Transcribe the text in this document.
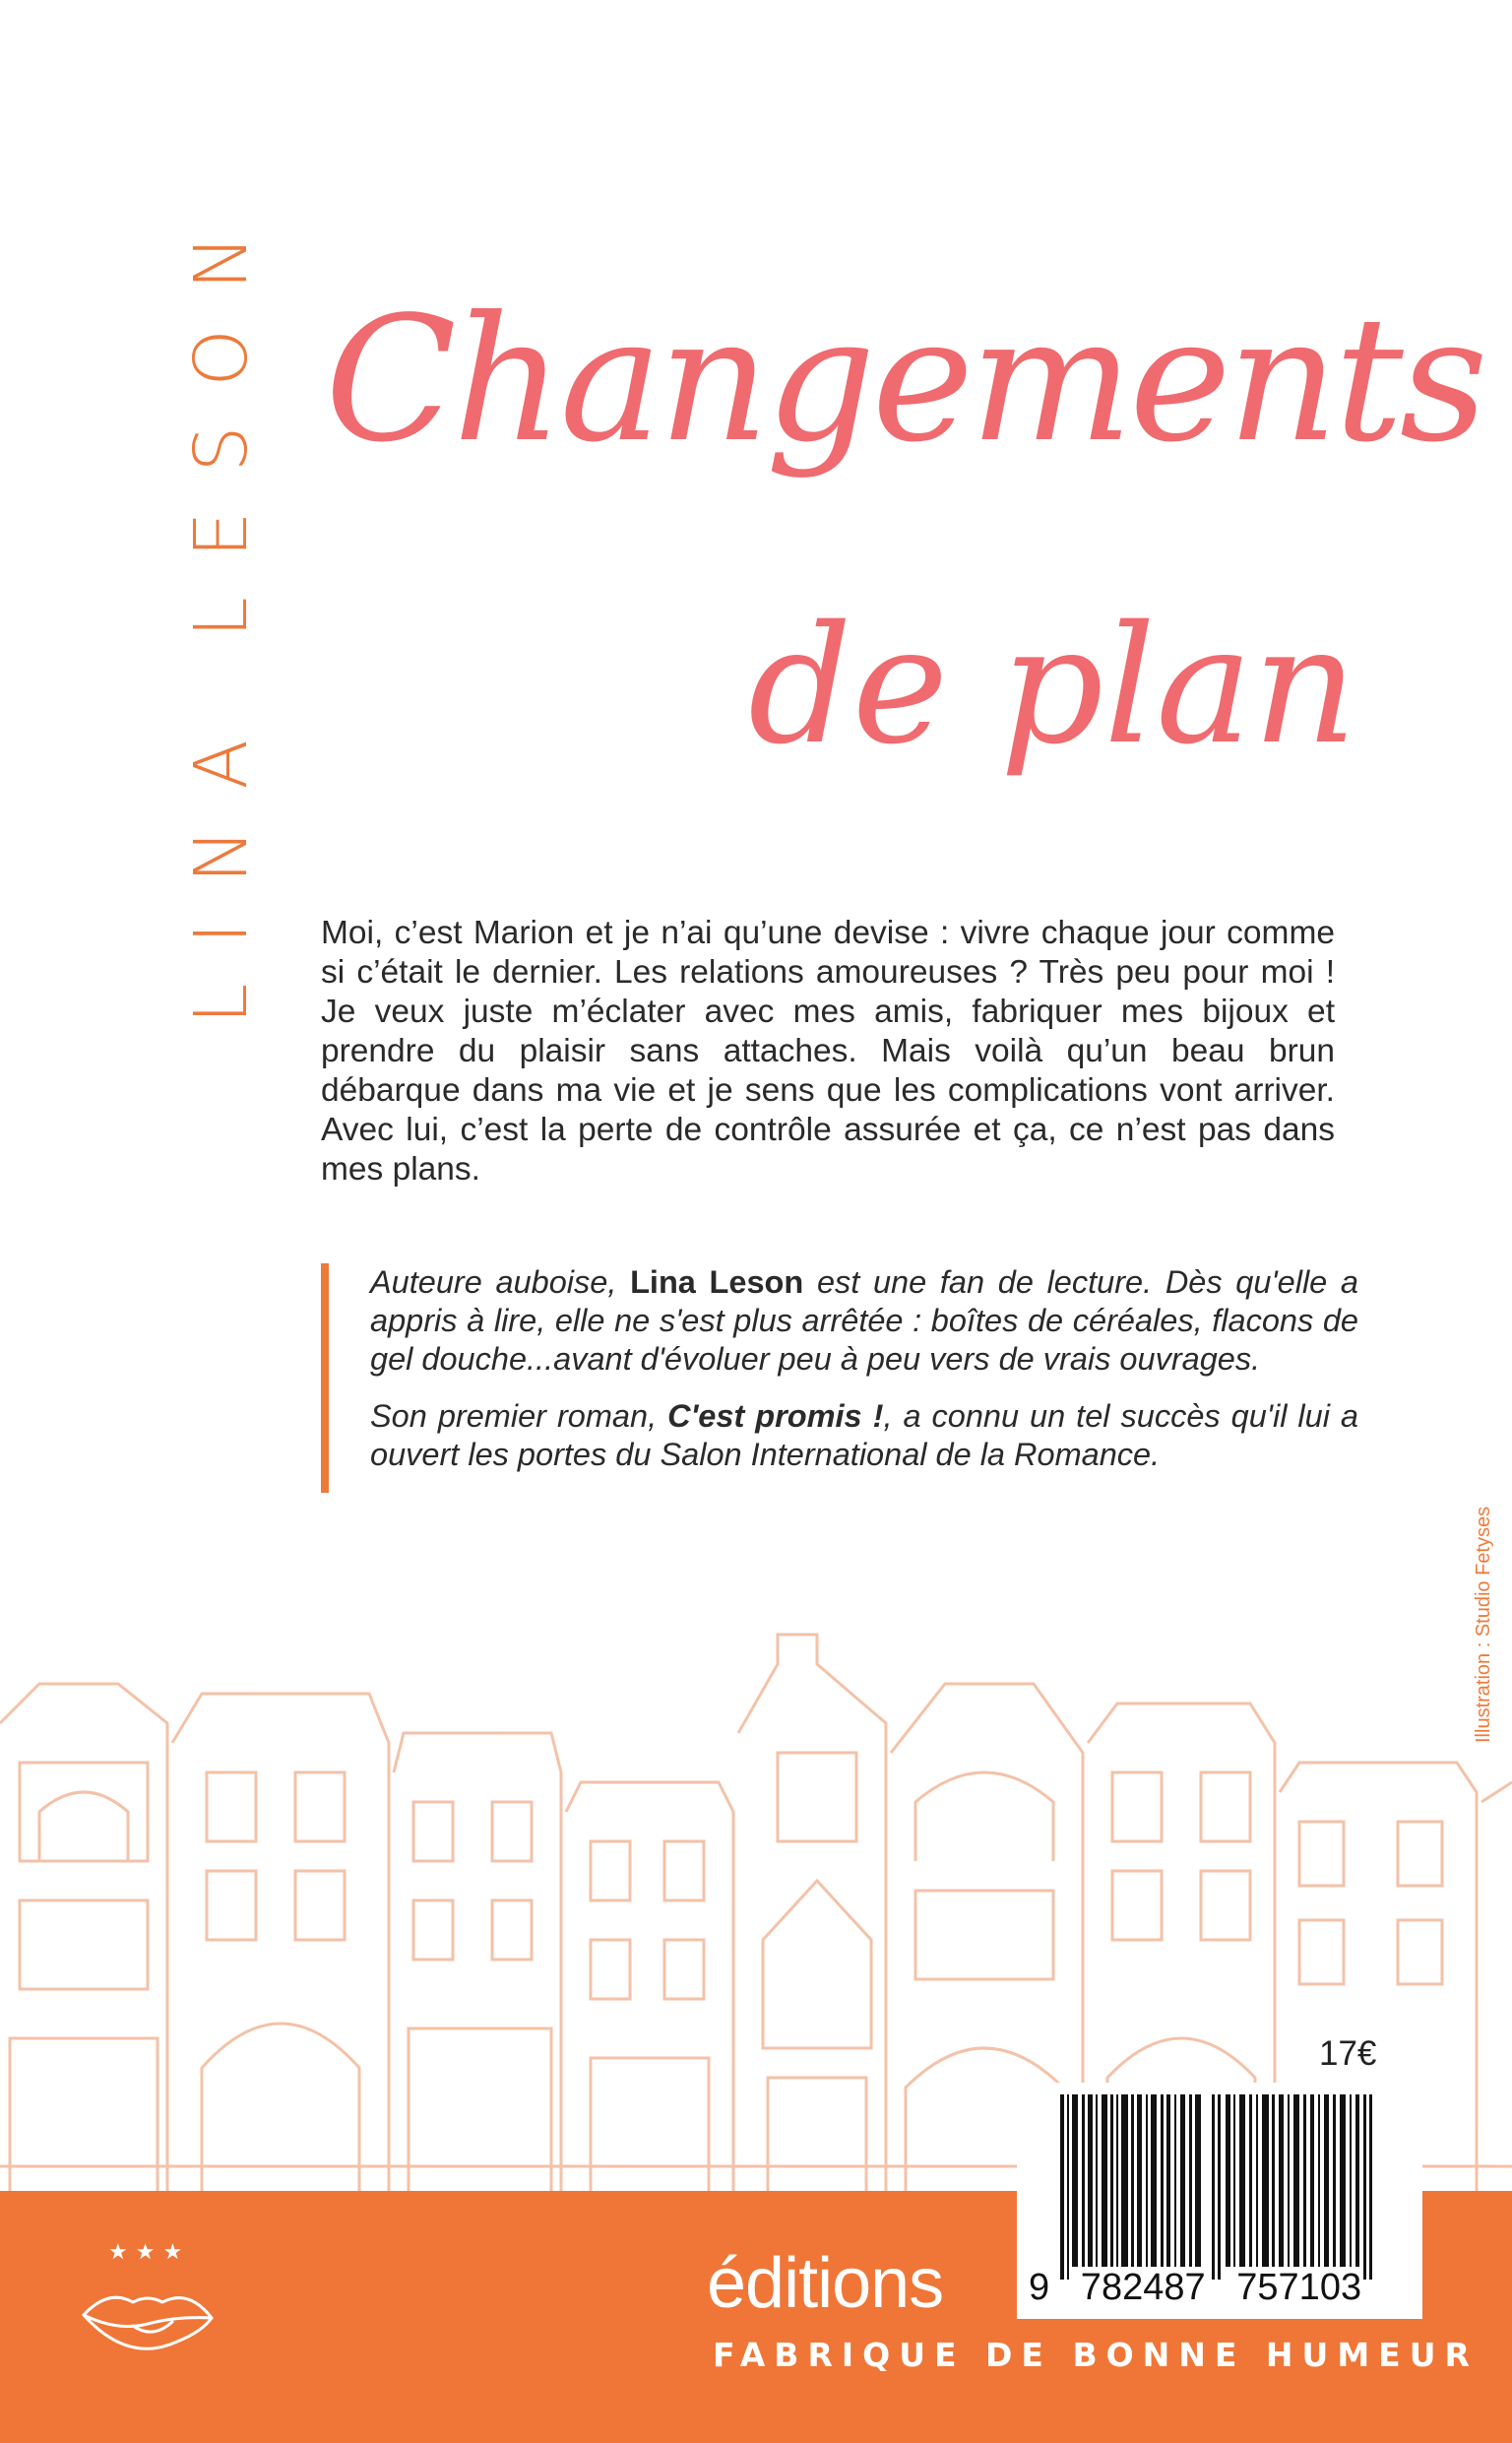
LINA LESON Changements
de plan
Moi, c’est Marion et je n’ai qu’une devise : vivre chaque jour comme si c’était le dernier. Les relations amoureuses ? Très peu pour moi ! Je veux juste m’éclater avec mes amis, fabriquer mes bijoux et prendre du plaisir sans attaches. Mais voilà qu’un beau brun débarque dans ma vie et je sens que les complications vont arriver. Avec lui, c’est la perte de contrôle assurée et ça, ce n’est pas dans mes plans.

Auteure auboise, Lina Leson est une fan de lecture. Dès qu'elle a appris à lire, elle ne s'est plus arrêtée : boîtes de céréales, flacons de gel douche...avant d'évoluer peu à peu vers de vrais ouvrages.

Son premier roman, C'est promis !, a connu un tel succès qu'il lui a ouvert les portes du Salon International de la Romance.

Illustration : Studio Fetyses
17€
9   782487   757103
★★★	éditions
FABRIQUE DE BONNE HUMEUR
